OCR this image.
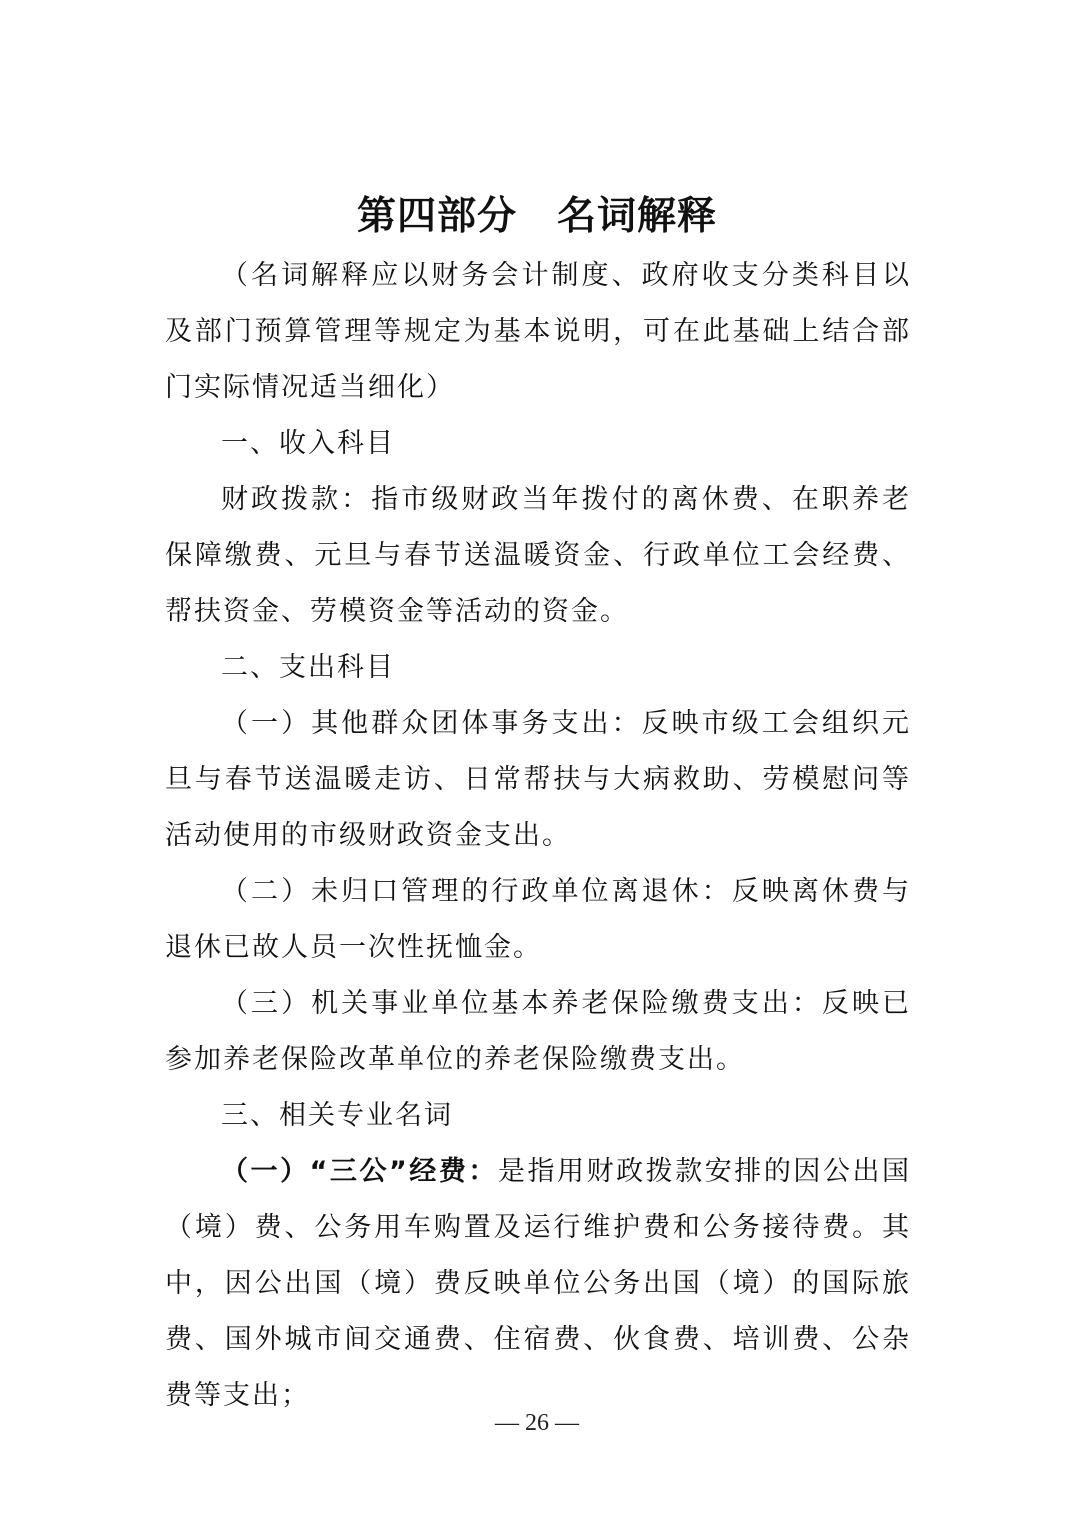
第四部分 名词解释

（名词解释应以财务会计制度、政府收支分类科目以及部门预算管理等规定为基本说明，可在此基础上结合部门实际情况适当细化）

一、收入科目

财政拨款：指市级财政当年拨付的离休费、在职养老保障缴费、元旦与春节送温暖资金、行政单位工会经费、帮扶资金、劳模资金等活动的资金。

二、支出科目

（一）其他群众团体事务支出：反映市级工会组织元旦与春节送温暖走访、日常帮扶与大病救助、劳模慰问等活动使用的市级财政资金支出。

（二）未归口管理的行政单位离退休：反映离休费与退休已故人员一次性抚恤金。

（三）机关事业单位基本养老保险缴费支出：反映已参加养老保险改革单位的养老保险缴费支出。

三、相关专业名词

（一）“三公”经费：是指用财政拨款安排的因公出国（境）费、公务用车购置及运行维护费和公务接待费。其中，因公出国（境）费反映单位公务出国（境）的国际旅费、国外城市间交通费、住宿费、伙食费、培训费、公杂费等支出；

— 26 —
